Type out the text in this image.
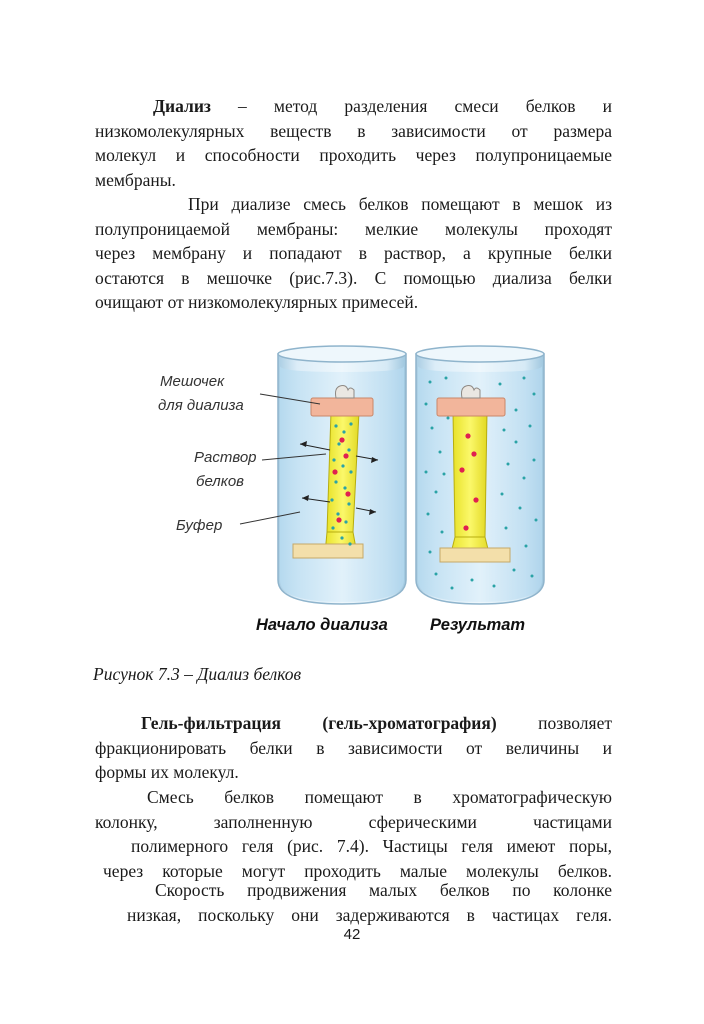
Диализ – метод разделения смеси белков и
низкомолекулярных веществ в зависимости от размера
молекул и способности проходить через полупроницаемые
мембраны.
При диализе смесь белков помещают в мешок из
полупроницаемой мембраны: мелкие молекулы проходят
через мембрану и попадают в раствор, а крупные белки
остаются в мешочке (рис.7.3). С помощью диализа белки
очищают от низкомолекулярных примесей.
Мешочек
для диализа
Раствор
белков
Буфер
Начало диализа	Результат
Рисунок 7.3 – Диализ белков
Гель-фильтрация (гель-хроматография) позволяет
фракционировать белки в зависимости от величины и
формы их молекул.
Смесь белков помещают в хроматографическую
колонку, заполненную сферическими частицами
полимерного геля (рис. 7.4). Частицы геля имеют поры,
через которые могут проходить малые молекулы белков.
Скорость продвижения малых белков по колонке
низкая, поскольку они задерживаются в частицах геля.
42
